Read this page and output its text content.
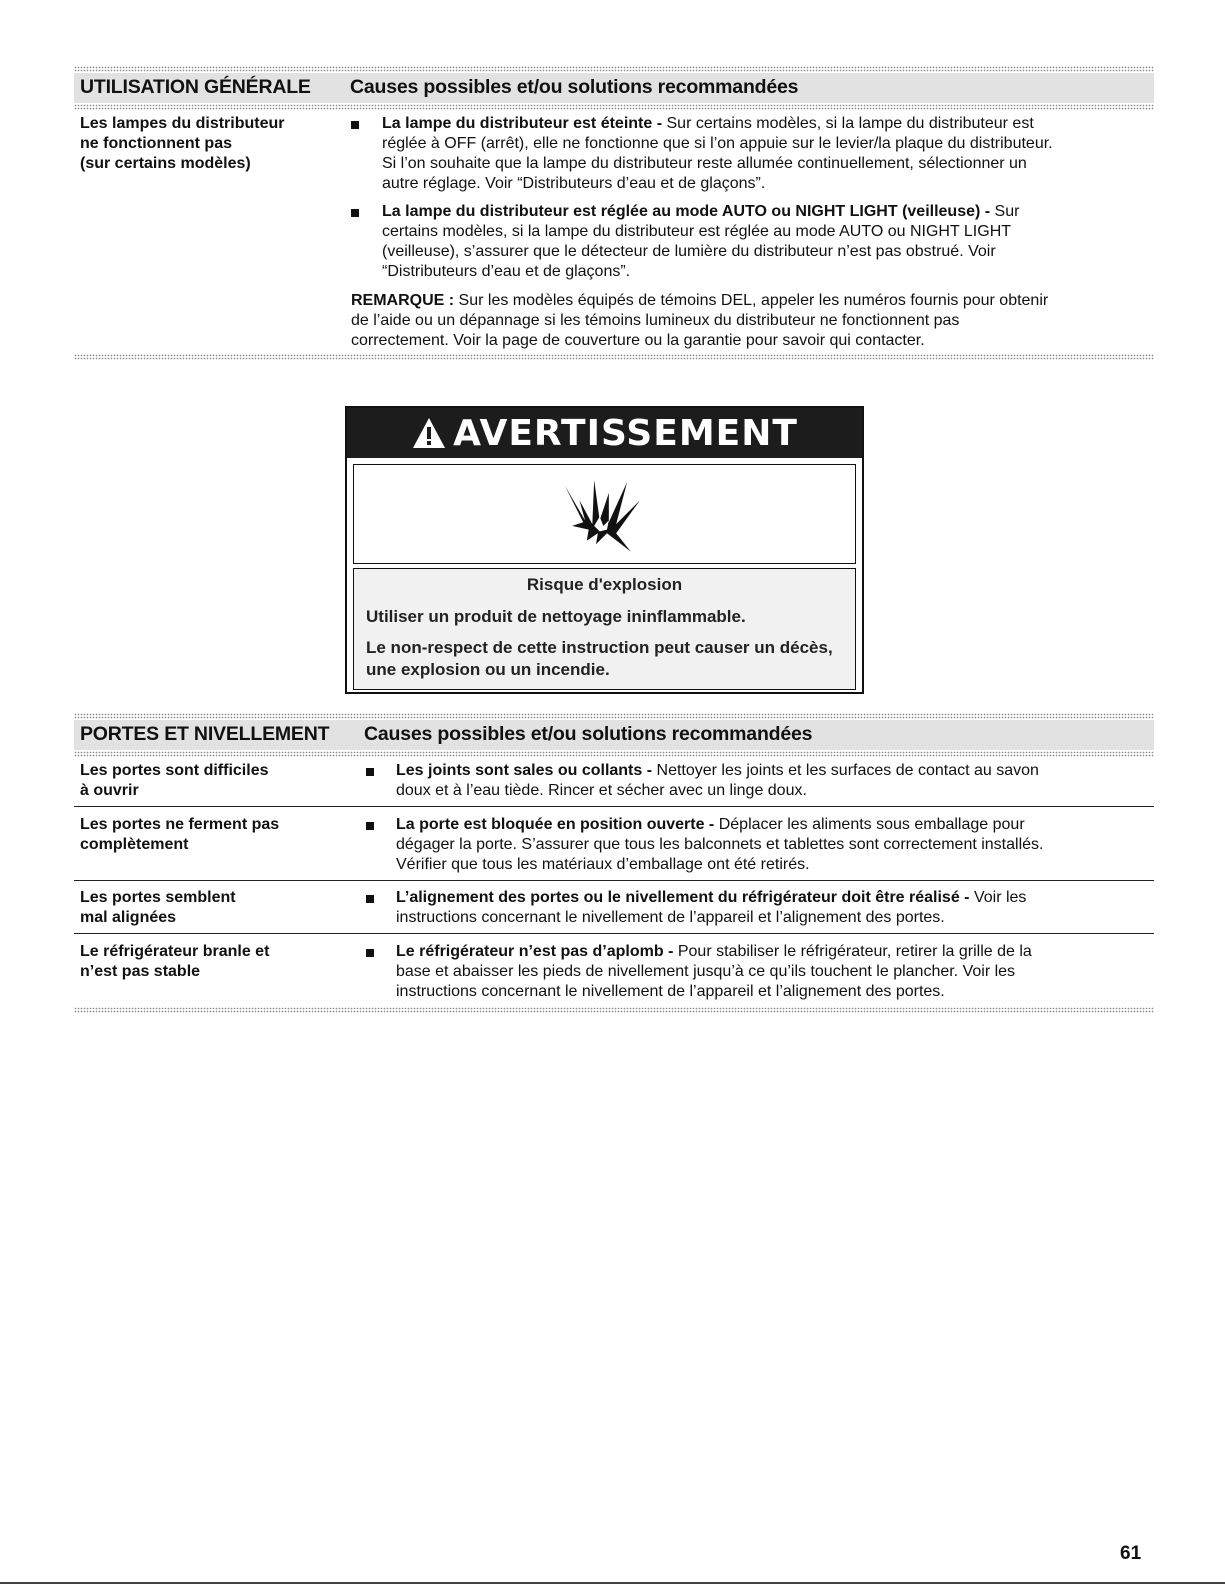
UTILISATION GÉNÉRALE Causes possibles et/ou solutions recommandées
Les lampes du distributeur
ne fonctionnent pas
(sur certains modèles)
La lampe du distributeur est éteinte - Sur certains modèles, si la lampe du distributeur est
réglée à OFF (arrêt), elle ne fonctionne que si l’on appuie sur le levier/la plaque du distributeur.
Si l’on souhaite que la lampe du distributeur reste allumée continuellement, sélectionner un
autre réglage. Voir “Distributeurs d’eau et de glaçons”.
La lampe du distributeur est réglée au mode AUTO ou NIGHT LIGHT (veilleuse) - Sur
certains modèles, si la lampe du distributeur est réglée au mode AUTO ou NIGHT LIGHT
(veilleuse), s’assurer que le détecteur de lumière du distributeur n’est pas obstrué. Voir
“Distributeurs d’eau et de glaçons”.
REMARQUE : Sur les modèles équipés de témoins DEL, appeler les numéros fournis pour obtenir
de l’aide ou un dépannage si les témoins lumineux du distributeur ne fonctionnent pas
correctement. Voir la page de couverture ou la garantie pour savoir qui contacter.
AVERTISSEMENT
Risque d'explosion
Utiliser un produit de nettoyage ininflammable.
Le non-respect de cette instruction peut causer un décès,
une explosion ou un incendie.
PORTES ET NIVELLEMENT Causes possibles et/ou solutions recommandées
Les portes sont difficiles
à ouvrir
Les joints sont sales ou collants - Nettoyer les joints et les surfaces de contact au savon
doux et à l’eau tiède. Rincer et sécher avec un linge doux.
Les portes ne ferment pas
complètement
La porte est bloquée en position ouverte - Déplacer les aliments sous emballage pour
dégager la porte. S’assurer que tous les balconnets et tablettes sont correctement installés.
Vérifier que tous les matériaux d’emballage ont été retirés.
Les portes semblent
mal alignées
L’alignement des portes ou le nivellement du réfrigérateur doit être réalisé - Voir les
instructions concernant le nivellement de l’appareil et l’alignement des portes.
Le réfrigérateur branle et
n’est pas stable
Le réfrigérateur n’est pas d’aplomb - Pour stabiliser le réfrigérateur, retirer la grille de la
base et abaisser les pieds de nivellement jusqu’à ce qu’ils touchent le plancher. Voir les
instructions concernant le nivellement de l’appareil et l’alignement des portes.
61
